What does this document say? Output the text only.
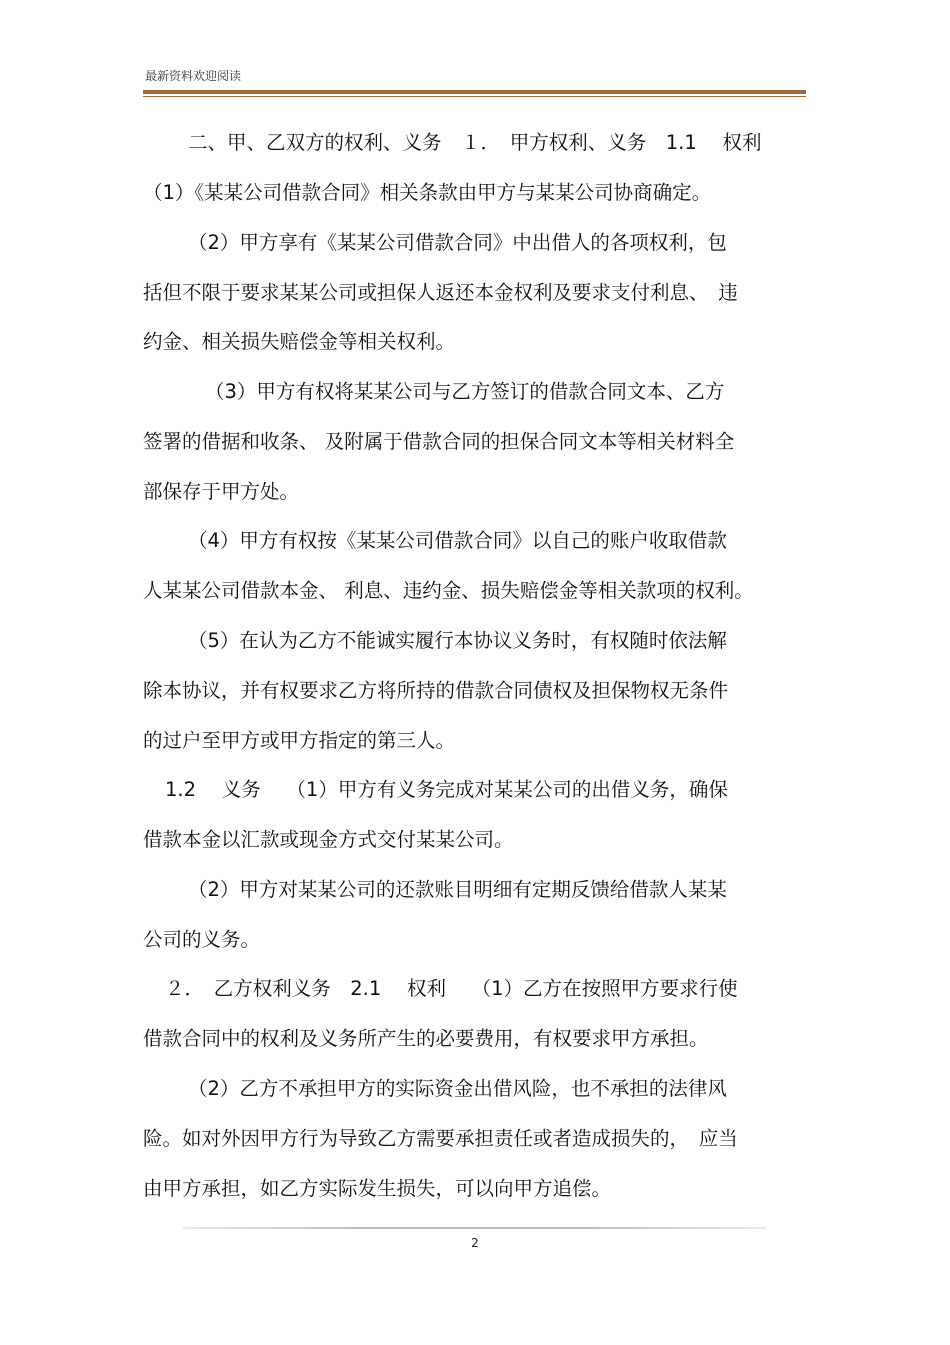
最新资料欢迎阅读
二、甲、乙双方的权利、义务　１．　甲方权利、义务　1.1　 权利
（1）《某某公司借款合同》相关条款由甲方与某某公司协商确定。
（2）甲方享有《某某公司借款合同》中出借人的各项权利，包
括但不限于要求某某公司或担保人返还本金权利及要求支付利息、　违
约金、相关损失赔偿金等相关权利。
（3）甲方有权将某某公司与乙方签订的借款合同文本、乙方
签署的借据和收条、 及附属于借款合同的担保合同文本等相关材料全
部保存于甲方处。
（4）甲方有权按《某某公司借款合同》以自己的账户收取借款
人某某公司借款本金、 利息、违约金、损失赔偿金等相关款项的权利。
（5）在认为乙方不能诚实履行本协议义务时，有权随时依法解
除本协议，并有权要求乙方将所持的借款合同债权及担保物权无条件
的过户至甲方或甲方指定的第三人。
1.2　 义务　 （1）甲方有义务完成对某某公司的出借义务，确保
借款本金以汇款或现金方式交付某某公司。
（2）甲方对某某公司的还款账目明细有定期反馈给借款人某某
公司的义务。
２．　乙方权利义务　2.1　 权利　 （1）乙方在按照甲方要求行使
借款合同中的权利及义务所产生的必要费用，有权要求甲方承担。
（2）乙方不承担甲方的实际资金出借风险，也不承担的法律风
险。如对外因甲方行为导致乙方需要承担责任或者造成损失的，　应当
由甲方承担，如乙方实际发生损失，可以向甲方追偿。
2
